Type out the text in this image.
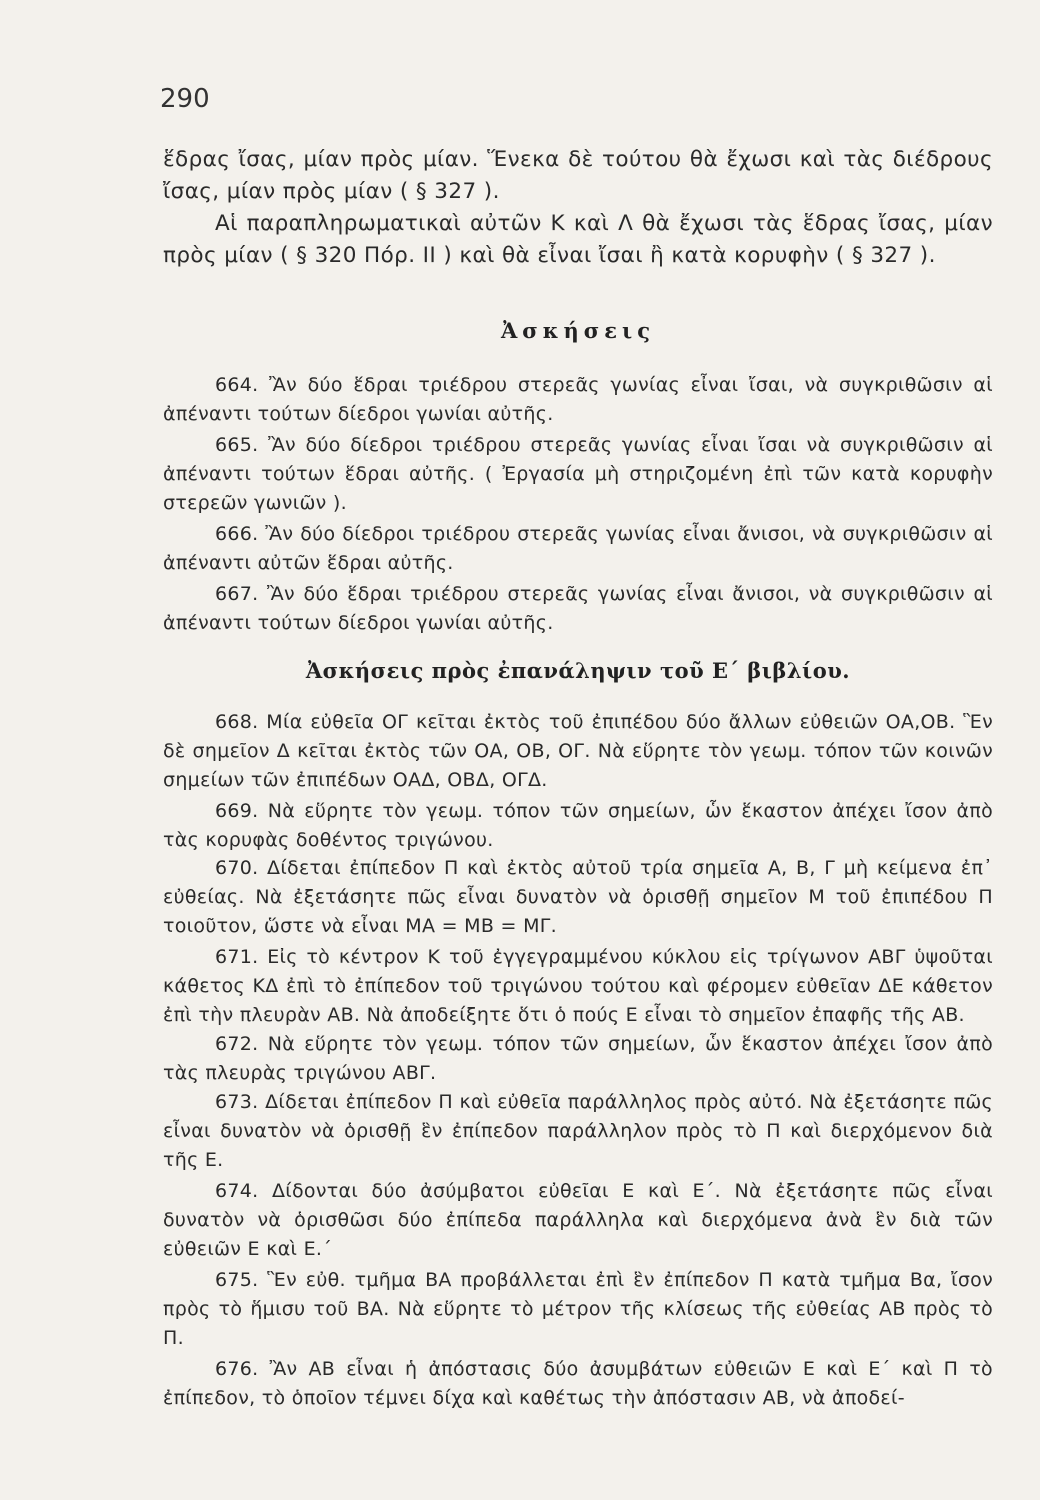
290

ἕδρας ἴσας, μίαν πρὸς μίαν. Ἕνεκα δὲ τούτου θὰ ἔχωσι καὶ τὰς διέδρους ἴσας, μίαν πρὸς μίαν ( § 327 ).

Αἱ παραπληρωματικαὶ αὐτῶν Κ καὶ Λ θὰ ἔχωσι τὰς ἕδρας ἴσας, μίαν πρὸς μίαν ( § 320 Πόρ. ΙΙ ) καὶ θὰ εἶναι ἴσαι ἢ κατὰ κορυφὴν ( § 327 ).

Ἀσκήσεις

664. Ἂν δύο ἕδραι τριέδρου στερεᾶς γωνίας εἶναι ἴσαι, νὰ συγκριθῶσιν αἱ ἀπέναντι τούτων δίεδροι γωνίαι αὐτῆς.

665. Ἂν δύο δίεδροι τριέδρου στερεᾶς γωνίας εἶναι ἴσαι νὰ συγκριθῶσιν αἱ ἀπέναντι τούτων ἕδραι αὐτῆς. ( Ἐργασία μὴ στηριζομένη ἐπὶ τῶν κατὰ κορυφὴν στερεῶν γωνιῶν ).

666. Ἂν δύο δίεδροι τριέδρου στερεᾶς γωνίας εἶναι ἄνισοι, νὰ συγκριθῶσιν αἱ ἀπέναντι αὐτῶν ἕδραι αὐτῆς.

667. Ἂν δύο ἕδραι τριέδρου στερεᾶς γωνίας εἶναι ἄνισοι, νὰ συγκριθῶσιν αἱ ἀπέναντι τούτων δίεδροι γωνίαι αὐτῆς.

Ἀσκήσεις πρὸς ἐπανάληψιν τοῦ Ε΄ βιβλίου.

668. Μία εὐθεῖα ΟΓ κεῖται ἐκτὸς τοῦ ἐπιπέδου δύο ἄλλων εὐθειῶν ΟΑ,ΟΒ. Ἓν δὲ σημεῖον Δ κεῖται ἐκτὸς τῶν ΟΑ, ΟΒ, ΟΓ. Νὰ εὕρητε τὸν γεωμ. τόπον τῶν κοινῶν σημείων τῶν ἐπιπέδων ΟΑΔ, ΟΒΔ, ΟΓΔ.

669. Νὰ εὕρητε τὸν γεωμ. τόπον τῶν σημείων, ὧν ἕκαστον ἀπέχει ἴσον ἀπὸ τὰς κορυφὰς δοθέντος τριγώνου.

670. Δίδεται ἐπίπεδον Π καὶ ἐκτὸς αὐτοῦ τρία σημεῖα Α, Β, Γ μὴ κείμενα ἐπ᾽ εὐθείας. Νὰ ἐξετάσητε πῶς εἶναι δυνατὸν νὰ ὁρισθῇ σημεῖον Μ τοῦ ἐπιπέδου Π τοιοῦτον, ὥστε νὰ εἶναι ΜΑ = ΜΒ = ΜΓ.

671. Εἰς τὸ κέντρον Κ τοῦ ἐγγεγραμμένου κύκλου εἰς τρίγωνον ΑΒΓ ὑψοῦται κάθετος ΚΔ ἐπὶ τὸ ἐπίπεδον τοῦ τριγώνου τούτου καὶ φέρομεν εὐθεῖαν ΔΕ κάθετον ἐπὶ τὴν πλευρὰν ΑΒ. Νὰ ἀποδείξητε ὅτι ὁ πούς Ε εἶναι τὸ σημεῖον ἐπαφῆς τῆς ΑΒ.

672. Νὰ εὕρητε τὸν γεωμ. τόπον τῶν σημείων, ὧν ἕκαστον ἀπέχει ἴσον ἀπὸ τὰς πλευρὰς τριγώνου ΑΒΓ.

673. Δίδεται ἐπίπεδον Π καὶ εὐθεῖα παράλληλος πρὸς αὐτό. Νὰ ἐξετάσητε πῶς εἶναι δυνατὸν νὰ ὁρισθῇ ἓν ἐπίπεδον παράλληλον πρὸς τὸ Π καὶ διερχόμενον διὰ τῆς Ε.

674. Δίδονται δύο ἀσύμβατοι εὐθεῖαι Ε καὶ Ε΄. Νὰ ἐξετάσητε πῶς εἶναι δυνατὸν νὰ ὁρισθῶσι δύο ἐπίπεδα παράλληλα καὶ διερχόμενα ἀνὰ ἓν διὰ τῶν εὐθειῶν Ε καὶ Ε.΄

675. Ἓν εὐθ. τμῆμα ΒΑ προβάλλεται ἐπὶ ἓν ἐπίπεδον Π κατὰ τμῆμα Βα, ἴσον πρὸς τὸ ἥμισυ τοῦ ΒΑ. Νὰ εὕρητε τὸ μέτρον τῆς κλίσεως τῆς εὐθείας ΑΒ πρὸς τὸ Π.

676. Ἂν ΑΒ εἶναι ἡ ἀπόστασις δύο ἀσυμβάτων εὐθειῶν Ε καὶ Ε΄ καὶ Π τὸ ἐπίπεδον, τὸ ὁποῖον τέμνει δίχα καὶ καθέτως τὴν ἀπόστασιν ΑΒ, νὰ ἀποδεί-
